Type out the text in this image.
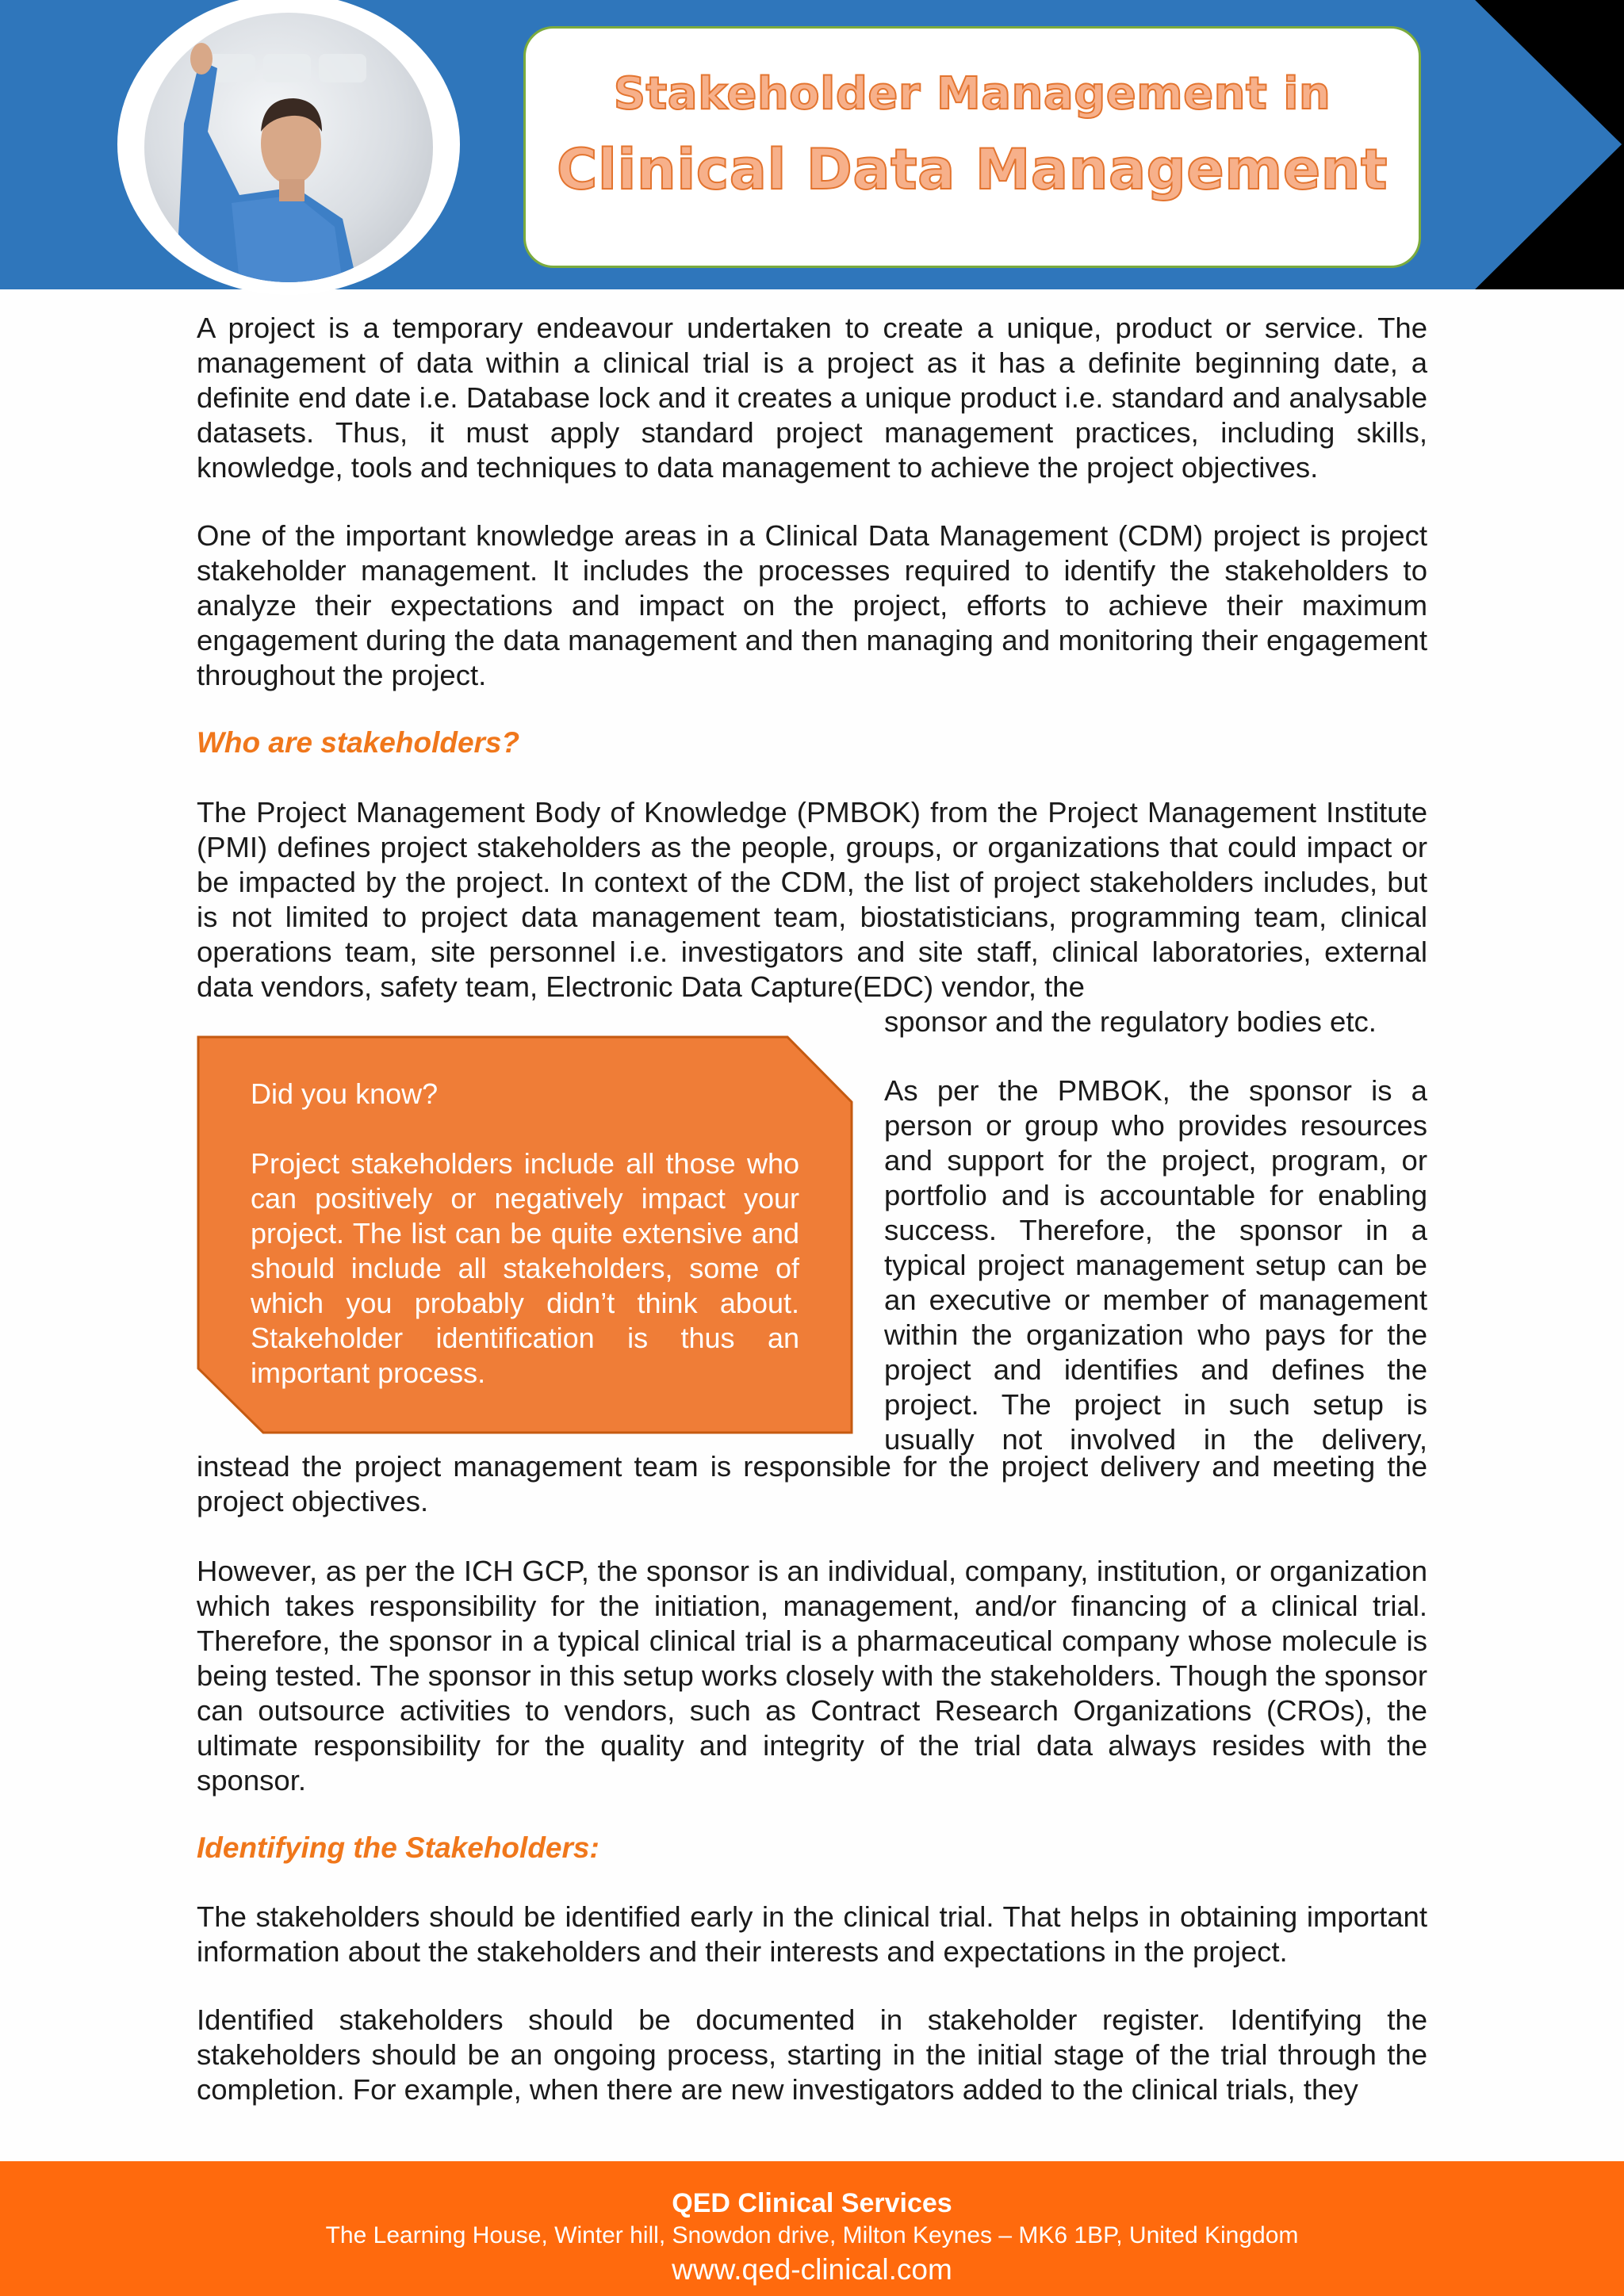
Stakeholder Management in
Clinical Data Management

A project is a temporary endeavour undertaken to create a unique, product or service. The management of data within a clinical trial is a project as it has a definite beginning date, a definite end date i.e. Database lock and it creates a unique product i.e. standard and analysable datasets. Thus, it must apply standard project management practices, including skills, knowledge, tools and techniques to data management to achieve the project objectives.

One of the important knowledge areas in a Clinical Data Management (CDM) project is project stakeholder management. It includes the processes required to identify the stakeholders to analyze their expectations and impact on the project, efforts to achieve their maximum engagement during the data management and then managing and monitoring their engagement throughout the project.

Who are stakeholders?

The Project Management Body of Knowledge (PMBOK) from the Project Management Institute (PMI) defines project stakeholders as the people, groups, or organizations that could impact or be impacted by the project. In context of the CDM, the list of project stakeholders includes, but is not limited to project data management team, biostatisticians, programming team, clinical operations team, site personnel i.e. investigators and site staff, clinical laboratories, external data vendors, safety team, Electronic Data Capture(EDC) vendor, the

sponsor and the regulatory bodies etc.

Did you know?

Project stakeholders include all those who can positively or negatively impact your project. The list can be quite extensive and should include all stakeholders, some of which you probably didn’t think about. Stakeholder identification is thus an important process.

As per the PMBOK, the sponsor is a

person or group who provides resources

and support for the project, program, or

portfolio and is accountable for enabling

success. Therefore, the sponsor in a

typical project management setup can be

an executive or member of management

within the organization who pays for the

project and identifies and defines the

project. The project in such setup is

usually not involved in the delivery,

instead the project management team is responsible for the project delivery and meeting the project objectives.

However, as per the ICH GCP, the sponsor is an individual, company, institution, or organization which takes responsibility for the initiation, management, and/or financing of a clinical trial. Therefore, the sponsor in a typical clinical trial is a pharmaceutical company whose molecule is being tested. The sponsor in this setup works closely with the stakeholders. Though the sponsor can outsource activities to vendors, such as Contract Research Organizations (CROs), the ultimate responsibility for the quality and integrity of the trial data always resides with the sponsor.

Identifying the Stakeholders:

The stakeholders should be identified early in the clinical trial. That helps in obtaining important information about the stakeholders and their interests and expectations in the project.

Identified stakeholders should be documented in stakeholder register. Identifying the stakeholders should be an ongoing process, starting in the initial stage of the trial through the completion. For example, when there are new investigators added to the clinical trials, they

QED Clinical Services
The Learning House, Winter hill, Snowdon drive, Milton Keynes – MK6 1BP, United Kingdom
www.qed-clinical.com
